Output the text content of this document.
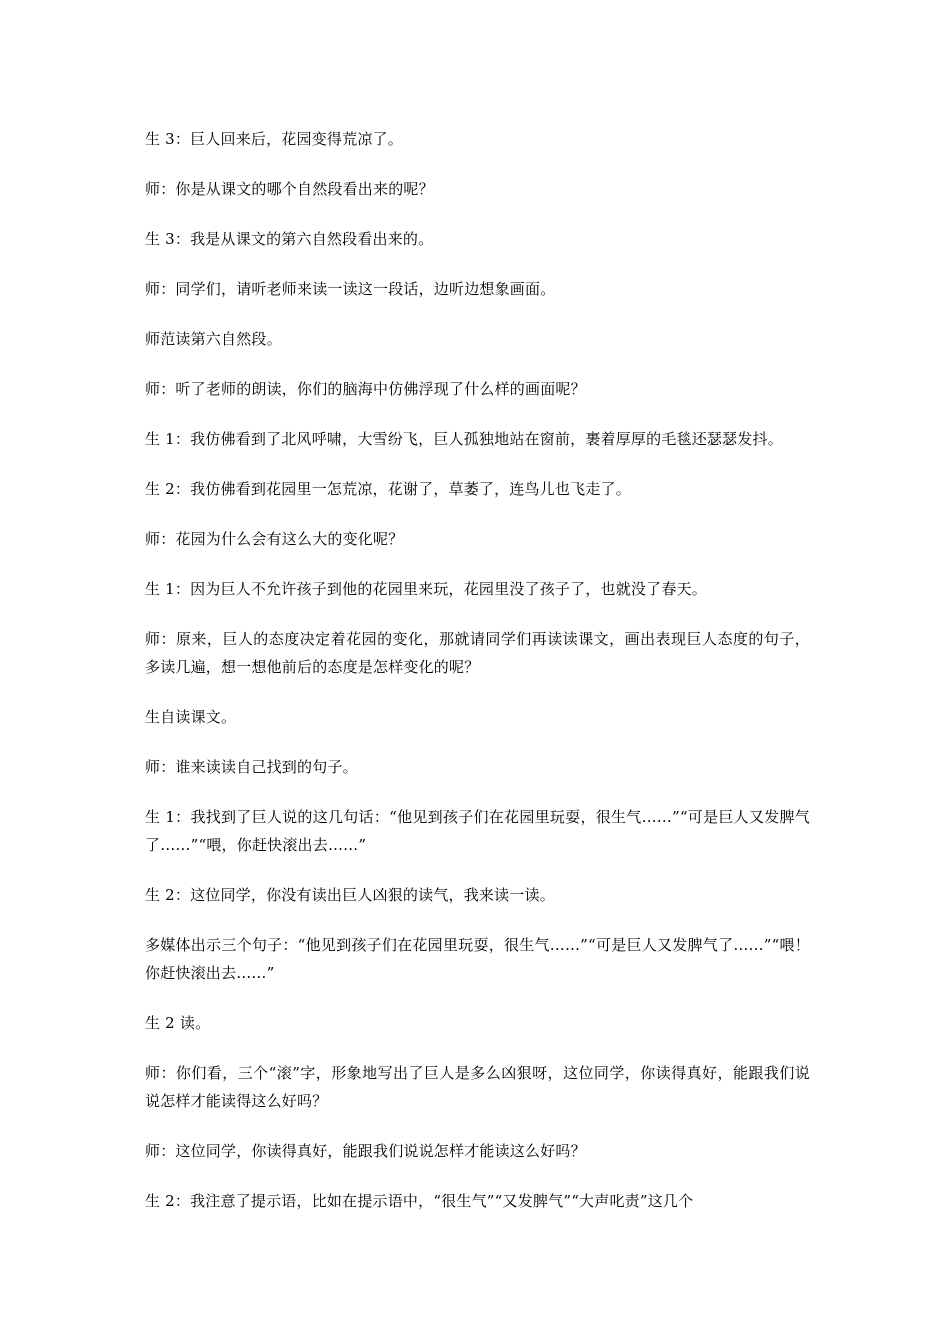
生 3：巨人回来后，花园变得荒凉了。

师：你是从课文的哪个自然段看出来的呢？

生 3：我是从课文的第六自然段看出来的。

师：同学们，请听老师来读一读这一段话，边听边想象画面。

师范读第六自然段。

师：听了老师的朗读，你们的脑海中仿佛浮现了什么样的画面呢？

生 1：我仿佛看到了北风呼啸，大雪纷飞，巨人孤独地站在窗前，裹着厚厚的毛毯还瑟瑟发抖。

生 2：我仿佛看到花园里一怎荒凉，花谢了，草萎了，连鸟儿也飞走了。

师：花园为什么会有这么大的变化呢？

生 1：因为巨人不允许孩子到他的花园里来玩，花园里没了孩子了，也就没了春天。

师：原来，巨人的态度决定着花园的变化，那就请同学们再读读课文，画出表现巨人态度的句子，多读几遍，想一想他前后的态度是怎样变化的呢？

生自读课文。

师：谁来读读自己找到的句子。

生 1：我找到了巨人说的这几句话：“他见到孩子们在花园里玩耍，很生气……”“可是巨人又发脾气了……”“喂，你赶快滚出去……”

生 2：这位同学，你没有读出巨人凶狠的读气，我来读一读。

多媒体出示三个句子：“他见到孩子们在花园里玩耍，很生气……”“可是巨人又发脾气了……”“喂！你赶快滚出去……”

生 2 读。

师：你们看，三个“滚”字，形象地写出了巨人是多么凶狠呀，这位同学，你读得真好，能跟我们说说怎样才能读得这么好吗？

师：这位同学，你读得真好，能跟我们说说怎样才能读这么好吗？

生 2：我注意了提示语，比如在提示语中，“很生气”“又发脾气”“大声叱责”这几个
